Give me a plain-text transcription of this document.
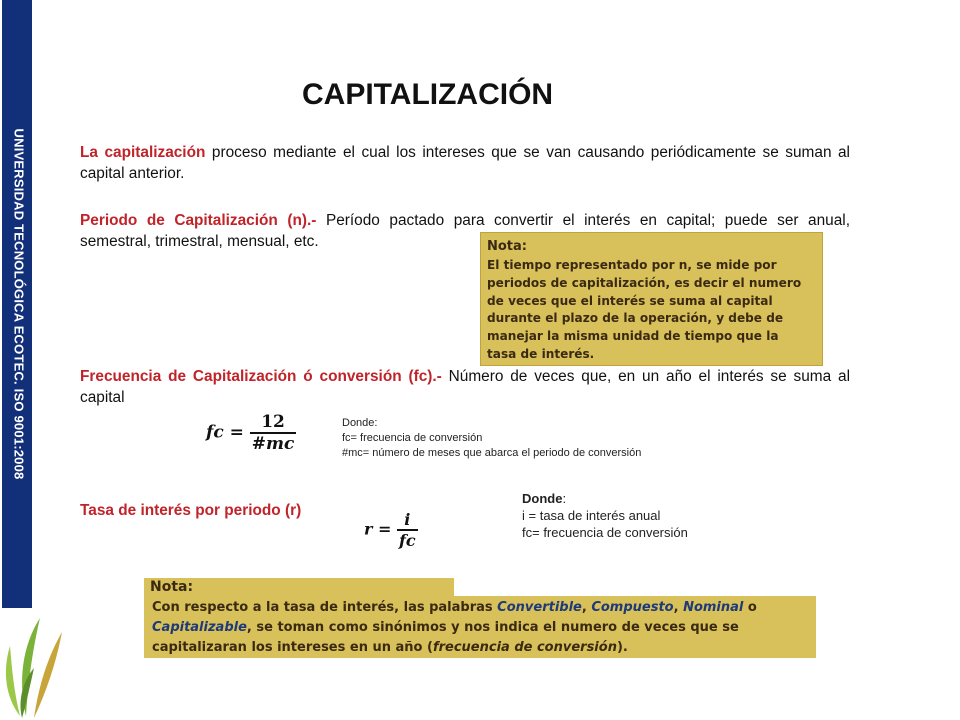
UNIVERSIDAD TECNOLÓGICA ECOTEC. ISO 9001:2008
CAPITALIZACIÓN
La capitalización proceso mediante el cual los intereses que se van causando periódicamente se suman al capital anterior.
Periodo de Capitalización (n).- Período pactado para convertir el interés en capital; puede ser anual, semestral, trimestral, mensual, etc.	Nota:
El tiempo representado por n, se mide por
periodos de capitalización, es decir el numero
de veces que el interés se suma al capital
durante el plazo de la operación, y debe de
manejar la misma unidad de tiempo que la
tasa de interés.
Frecuencia de Capitalización ó conversión (fc).- Número de veces que, en un año el interés se suma al capital
fc = $\frac{12}{\#mc}$	Donde:
fc= frecuencia de conversión
#mc= número de meses que abarca el periodo de conversión
Tasa de interés por periodo (r)
$r = \frac{i}{fc}$
Donde:
i = tasa de interés anual
fc= frecuencia de conversión
Nota:
Con respecto a la tasa de interés, las palabras Convertible, Compuesto, Nominal o Capitalizable, se toman como sinónimos y nos indica el numero de veces que se capitalizaran los intereses en un año (frecuencia de conversión).
